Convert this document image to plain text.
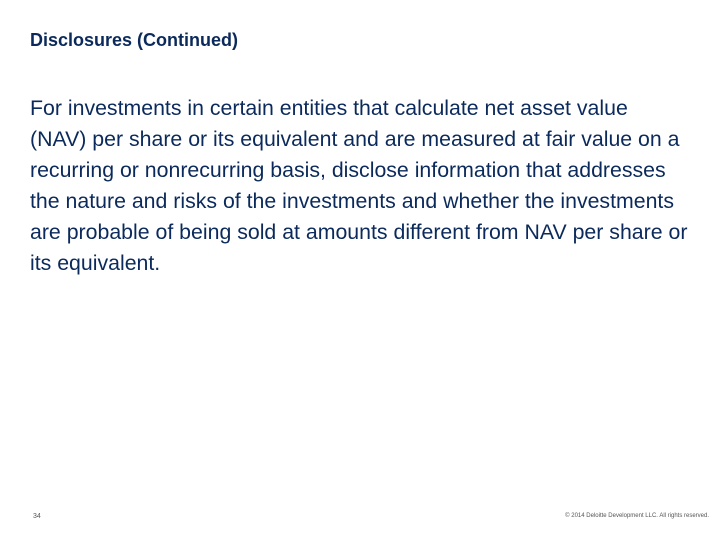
Disclosures (Continued)
For investments in certain entities that calculate net asset value (NAV) per share or its equivalent and are measured at fair value on a recurring or nonrecurring basis, disclose information that addresses the nature and risks of the investments and whether the investments are probable of being sold at amounts different from NAV per share or its equivalent.
34	© 2014 Deloitte Development LLC. All rights reserved.
